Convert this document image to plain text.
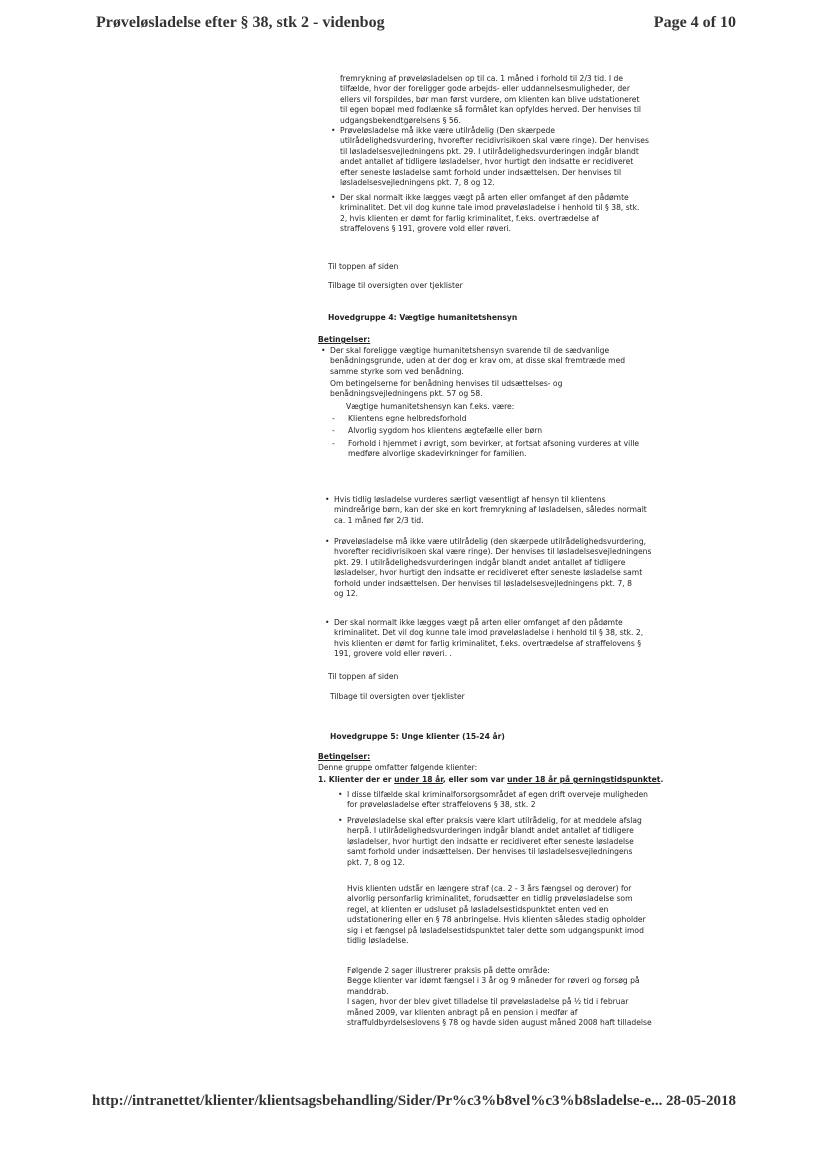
Prøveløsladelse efter § 38, stk 2 - videnbog	Page 4 of 10
fremrykning af prøveløsladelsen op til ca. 1 måned i forhold til 2/3 tid. I de
tilfælde, hvor der foreligger gode arbejds- eller uddannelsesmuligheder, der
ellers vil forspildes, bør man først vurdere, om klienten kan blive udstationeret
til egen bopæl med fodlænke så formålet kan opfyldes herved. Der henvises til
udgangsbekendtgørelsens § 56.
• Prøveløsladelse må ikke være utilrådelig (Den skærpede
utilrådelighedsvurdering, hvorefter recidivrisikoen skal være ringe). Der henvises
til løsladelsesvejledningens pkt. 29. I utilrådelighedsvurderingen indgår blandt
andet antallet af tidligere løsladelser, hvor hurtigt den indsatte er recidiveret
efter seneste løsladelse samt forhold under indsættelsen. Der henvises til
løsladelsesvejledningens pkt. 7, 8 og 12.
• Der skal normalt ikke lægges vægt på arten eller omfanget af den pådømte
kriminalitet. Det vil dog kunne tale imod prøveløsladelse i henhold til § 38, stk.
2, hvis klienten er dømt for farlig kriminalitet, f.eks. overtrædelse af
straffelovens § 191, grovere vold eller røveri.
Til toppen af siden
Tilbage til oversigten over tjeklister
Hovedgruppe 4: Vægtige humanitetshensyn
Betingelser:
• Der skal foreligge vægtige humanitetshensyn svarende til de sædvanlige
benådningsgrunde, uden at der dog er krav om, at disse skal fremtræde med
samme styrke som ved benådning.
Om betingelserne for benådning henvises til udsættelses- og
benådningsvejledningens pkt. 57 og 58.
Vægtige humanitetshensyn kan f.eks. være:
- Klientens egne helbredsforhold
- Alvorlig sygdom hos klientens ægtefælle eller børn
- Forhold i hjemmet i øvrigt, som bevirker, at fortsat afsoning vurderes at ville
medføre alvorlige skadevirkninger for familien.
• Hvis tidlig løsladelse vurderes særligt væsentligt af hensyn til klientens
mindreårige børn, kan der ske en kort fremrykning af løsladelsen, således normalt
ca. 1 måned før 2/3 tid.
• Prøveløsladelse må ikke være utilrådelig (den skærpede utilrådelighedsvurdering,
hvorefter recidivrisikoen skal være ringe). Der henvises til løsladelsesvejledningens
pkt. 29. I utilrådelighedsvurderingen indgår blandt andet antallet af tidligere
løsladelser, hvor hurtigt den indsatte er recidiveret efter seneste løsladelse samt
forhold under indsættelsen. Der henvises til løsladelsesvejledningens pkt. 7, 8
og 12.
• Der skal normalt ikke lægges vægt på arten eller omfanget af den pådømte
kriminalitet. Det vil dog kunne tale imod prøveløsladelse i henhold til § 38, stk. 2,
hvis klienten er dømt for farlig kriminalitet, f.eks. overtrædelse af straffelovens §
191, grovere vold eller røveri. .
Til toppen af siden
Tilbage til oversigten over tjeklister
Hovedgruppe 5: Unge klienter (15-24 år)
Betingelser:
Denne gruppe omfatter følgende klienter:
1. Klienter der er under 18 år, eller som var under 18 år på gerningstidspunktet.
• I disse tilfælde skal kriminalforsorgsområdet af egen drift overveje muligheden
for prøveløsladelse efter straffelovens § 38, stk. 2
• Prøveløsladelse skal efter praksis være klart utilrådelig, for at meddele afslag
herpå. I utilrådelighedsvurderingen indgår blandt andet antallet af tidligere
løsladelser, hvor hurtigt den indsatte er recidiveret efter seneste løsladelse
samt forhold under indsættelsen. Der henvises til løsladelsesvejledningens
pkt. 7, 8 og 12.
Hvis klienten udstår en længere straf (ca. 2 - 3 års fængsel og derover) for
alvorlig personfarlig kriminalitet, forudsætter en tidlig prøveløsladelse som
regel, at klienten er udsluset på løsladelsestidspunktet enten ved en
udstationering eller en § 78 anbringelse. Hvis klienten således stadig opholder
sig i et fængsel på løsladelsestidspunktet taler dette som udgangspunkt imod
tidlig løsladelse.
Følgende 2 sager illustrerer praksis på dette område:
Begge klienter var idømt fængsel i 3 år og 9 måneder for røveri og forsøg på
manddrab.
I sagen, hvor der blev givet tilladelse til prøveløsladelse på ½ tid i februar
måned 2009, var klienten anbragt på en pension i medfør af
straffuldbyrdelseslovens § 78 og havde siden august måned 2008 haft tilladelse
http://intranettet/klienter/klientsagsbehandling/Sider/Pr%c3%b8vel%c3%b8sladelse-e... 28-05-2018
